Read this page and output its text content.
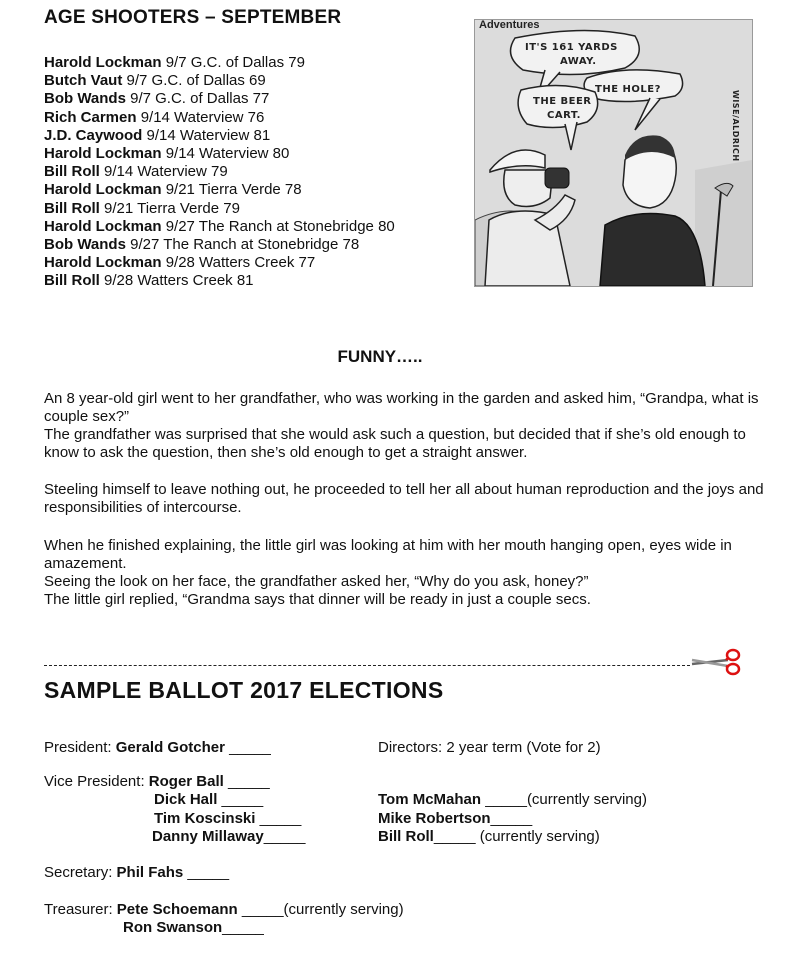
AGE SHOOTERS – SEPTEMBER
Harold Lockman 9/7 G.C. of Dallas 79
Butch Vaut 9/7 G.C. of Dallas 69
Bob Wands 9/7 G.C. of Dallas 77
Rich Carmen 9/14 Waterview 76
J.D. Caywood 9/14 Waterview 81
Harold Lockman 9/14 Waterview 80
Bill Roll 9/14 Waterview 79
Harold Lockman 9/21 Tierra Verde 78
Bill Roll 9/21 Tierra Verde 79
Harold Lockman 9/27 The Ranch at Stonebridge 80
Bob Wands 9/27 The Ranch at Stonebridge 78
Harold Lockman 9/28 Watters Creek 77
Bill Roll 9/28 Watters Creek 81
IT'S 161 YARDS
AWAY.
THE HOLE?
THE BEER
CART.	WISE/ALDRICH
Adventures
FUNNY…..

An 8 year-old girl went to her grandfather, who was working in the garden and asked him, “Grandpa, what is couple sex?”

The grandfather was surprised that she would ask such a question, but decided that if she’s old enough to know to ask the question, then she’s old enough to get a straight answer.

Steeling himself to leave nothing out, he proceeded to tell her all about human reproduction and the joys and responsibilities of intercourse.

When he finished explaining, the little girl was looking at him with her mouth hanging open, eyes wide in amazement.

Seeing the look on her face, the grandfather asked her, “Why do you ask, honey?”

The little girl replied, “Grandma says that dinner will be ready in just a couple secs.

SAMPLE BALLOT 2017 ELECTIONS
President: Gerald Gotcher _____
Vice President: Roger Ball _____
Dick Hall _____
Tim Koscinski _____
Danny Millaway_____
Secretary: Phil Fahs _____
Treasurer: Pete Schoemann _____(currently serving)
Ron Swanson_____
Directors: 2 year term (Vote for 2)
Tom McMahan _____(currently serving)
Mike Robertson_____
Bill Roll_____ (currently serving)
